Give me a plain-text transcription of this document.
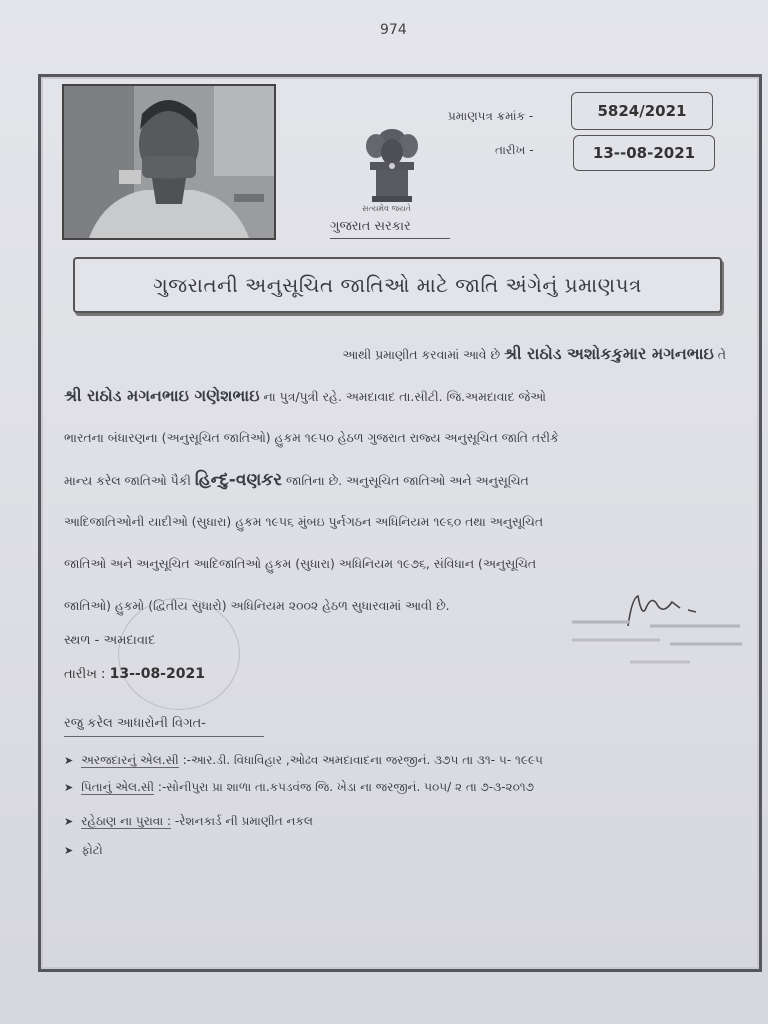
974
સત્યમેવ જયતે
ગુજરાત સરકાર
પ્રમાણપત્ર ક્રમાંક -	5824/2021
તારીખ -	13--08-2021
ગુજરાતની અનુસૂચિત જાતિઓ માટે જાતિ અંગેનું પ્રમાણપત્ર
આથી પ્રમાણીત કરવામાં આવે છે શ્રી રાઠોડ અશોકકુમાર મગનભાઇ તે
શ્રી રાઠોડ મગનભાઇ ગણેશભાઇ ના પુત્ર/પુત્રી રહે. અમદાવાદ તા.સીટી. જિ.અમદાવાદ જેઓ
ભારતના બંધારણના (અનુસૂચિત જાતિઓ) હુકમ ૧૯૫૦ હેઠળ ગુજરાત રાજ્ય અનુસૂચિત જાતિ તરીકે
માન્ય કરેલ જાતિઓ પૈકી હિન્દુ-વણકર જાતિના છે. અનુસૂચિત જાતિઓ અને અનુસૂચિત
આદિજાતિઓની યાદીઓ (સુધારા) હુકમ ૧૯૫૬ મુંબઇ પુર્નગઠન અધિનિયમ ૧૯૬૦ તથા અનુસૂચિત
જાતિઓ અને અનુસૂચિત આદિજાતિઓ હુકમ (સુધારા) અધિનિયમ ૧૯૭૬, સંવિધાન (અનુસૂચિત
જાતિઓ) હુકમો (દ્વિતીય સુધારો) અધિનિયમ ૨૦૦૨ હેઠળ સુધારવામાં આવી છે.
સ્થળ - અમદાવાદ
તારીખ : 13--08-2021
રજુ કરેલ આધારોની વિગત-
➤ અરજદારનું એલ.સી :-આર.ડી. વિધાવિહાર ,ઓઢવ અમદાવાદના જરજીનં. ૩૭૫ તા ૩૧- ૫- ૧૯૯૫
➤ પિતાનું એલ.સી :-સોનીપુરા પ્રા શાળા તા.કપડવંજ જિ. ખેડા ના જરજીનં. ૫૦૫/ ૨ તા ૭-૩-૨૦૧૭
➤ રહેઠાણ ના પુરાવા : -રેશનકાર્ડ ની પ્રમાણીત નકલ
➤ ફોટો
